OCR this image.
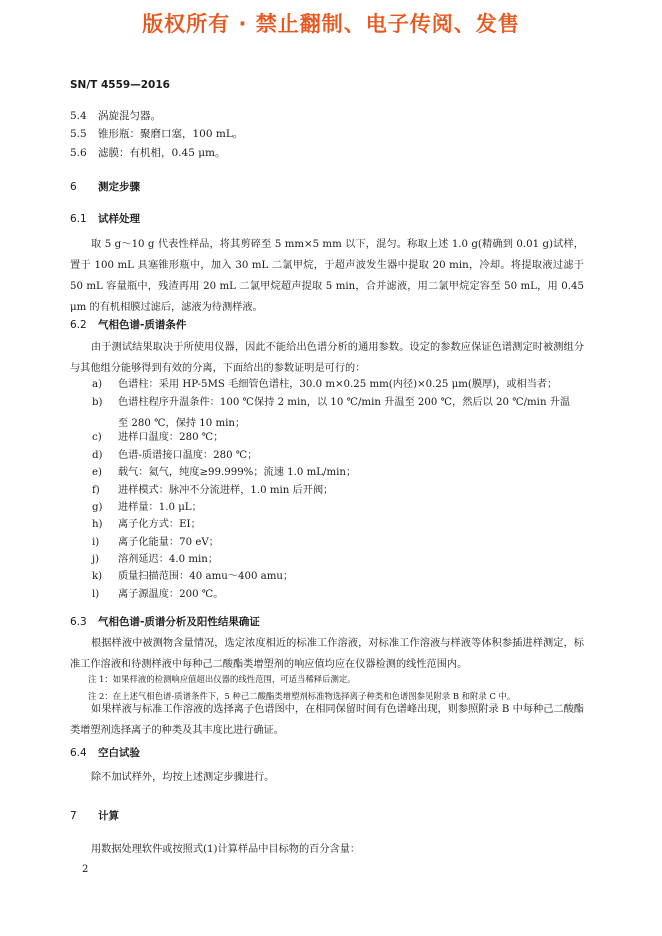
版权所有 · 禁止翻制、电子传阅、发售
SN/T 4559—2016
5.4 涡旋混匀器。
5.5 锥形瓶：聚磨口塞，100 mL。
5.6 滤膜：有机相，0.45 μm。
6 测定步骤
6.1 试样处理
取 5 g～10 g 代表性样品，将其剪碎至 5 mm×5 mm 以下，混匀。称取上述 1.0 g(精确到 0.01 g)试样，置于 100 mL 具塞锥形瓶中，加入 30 mL 二氯甲烷，于超声波发生器中提取 20 min，冷却。将提取液过滤于 50 mL 容量瓶中，残渣再用 20 mL 二氯甲烷超声提取 5 min，合并滤液，用二氯甲烷定容至 50 mL，用 0.45 μm 的有机相膜过滤后，滤液为待测样液。
6.2 气相色谱-质谱条件
由于测试结果取决于所使用仪器，因此不能给出色谱分析的通用参数。设定的参数应保证色谱测定时被测组分与其他组分能够得到有效的分离，下面给出的参数证明是可行的：
a) 色谱柱：采用 HP-5MS 毛细管色谱柱，30.0 m×0.25 mm(内径)×0.25 μm(膜厚)，或相当者；
b) 色谱柱程序升温条件：100 ℃保持 2 min，以 10 ℃/min 升温至 200 ℃，然后以 20 ℃/min 升温
至 280 ℃，保持 10 min；
c) 进样口温度：280 ℃；
d) 色谱-质谱接口温度：280 ℃；
e) 载气：氦气，纯度≥99.999%；流速 1.0 mL/min；
f) 进样模式：脉冲不分流进样，1.0 min 后开阀；
g) 进样量：1.0 μL；
h) 离子化方式：EI；
i) 离子化能量：70 eV；
j) 溶剂延迟：4.0 min；
k) 质量扫描范围：40 amu～400 amu；
l) 离子源温度：200 ℃。
6.3 气相色谱-质谱分析及阳性结果确证
根据样液中被测物含量情况，选定浓度相近的标准工作溶液，对标准工作溶液与样液等体积参插进样测定，标准工作溶液和待测样液中每种己二酸酯类增塑剂的响应值均应在仪器检测的线性范围内。
注 1：如果样液的检测响应值超出仪器的线性范围，可适当稀释后测定。
注 2：在上述气相色谱-质谱条件下，5 种己二酸酯类增塑剂标准物选择离子种类和色谱图参见附录 B 和附录 C 中。
如果样液与标准工作溶液的选择离子色谱图中，在相同保留时间有色谱峰出现，则参照附录 B 中每种己二酸酯类增塑剂选择离子的种类及其丰度比进行确证。
6.4 空白试验
除不加试样外，均按上述测定步骤进行。
7 计算
用数据处理软件或按照式(1)计算样品中目标物的百分含量：
2
